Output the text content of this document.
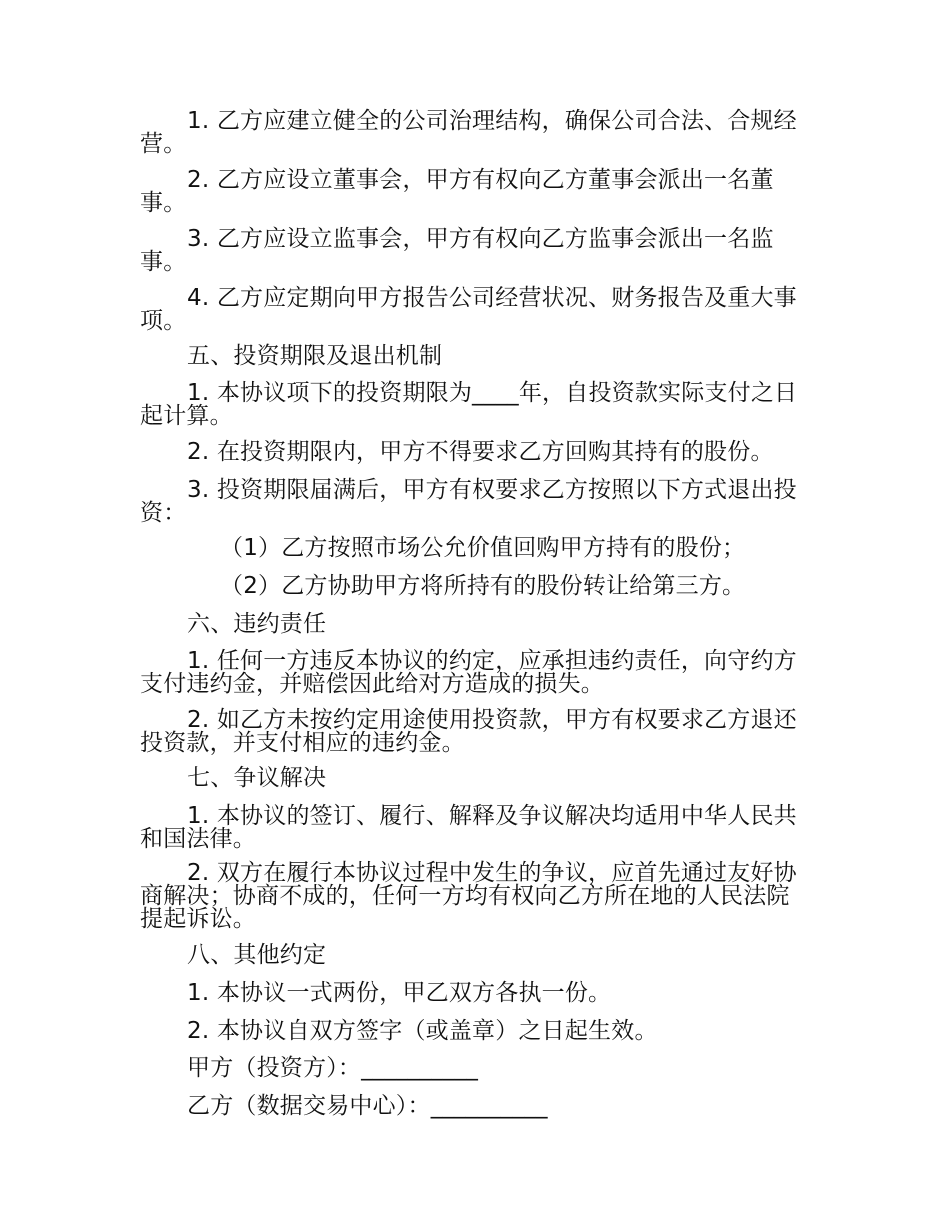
1. 乙方应建立健全的公司治理结构，确保公司合法、合规经营。

2. 乙方应设立董事会，甲方有权向乙方董事会派出一名董事。

3. 乙方应设立监事会，甲方有权向乙方监事会派出一名监事。

4. 乙方应定期向甲方报告公司经营状况、财务报告及重大事项。

五、投资期限及退出机制

1. 本协议项下的投资期限为____年，自投资款实际支付之日起计算。

2. 在投资期限内，甲方不得要求乙方回购其持有的股份。

3. 投资期限届满后，甲方有权要求乙方按照以下方式退出投资：

（1）乙方按照市场公允价值回购甲方持有的股份；

（2）乙方协助甲方将所持有的股份转让给第三方。

六、违约责任

1. 任何一方违反本协议的约定，应承担违约责任，向守约方支付违约金，并赔偿因此给对方造成的损失。

2. 如乙方未按约定用途使用投资款，甲方有权要求乙方退还投资款，并支付相应的违约金。

七、争议解决

1. 本协议的签订、履行、解释及争议解决均适用中华人民共和国法律。

2. 双方在履行本协议过程中发生的争议，应首先通过友好协商解决；协商不成的，任何一方均有权向乙方所在地的人民法院提起诉讼。

八、其他约定

1. 本协议一式两份，甲乙双方各执一份。

2. 本协议自双方签字（或盖章）之日起生效。

甲方（投资方）：__________

乙方（数据交易中心）：__________
